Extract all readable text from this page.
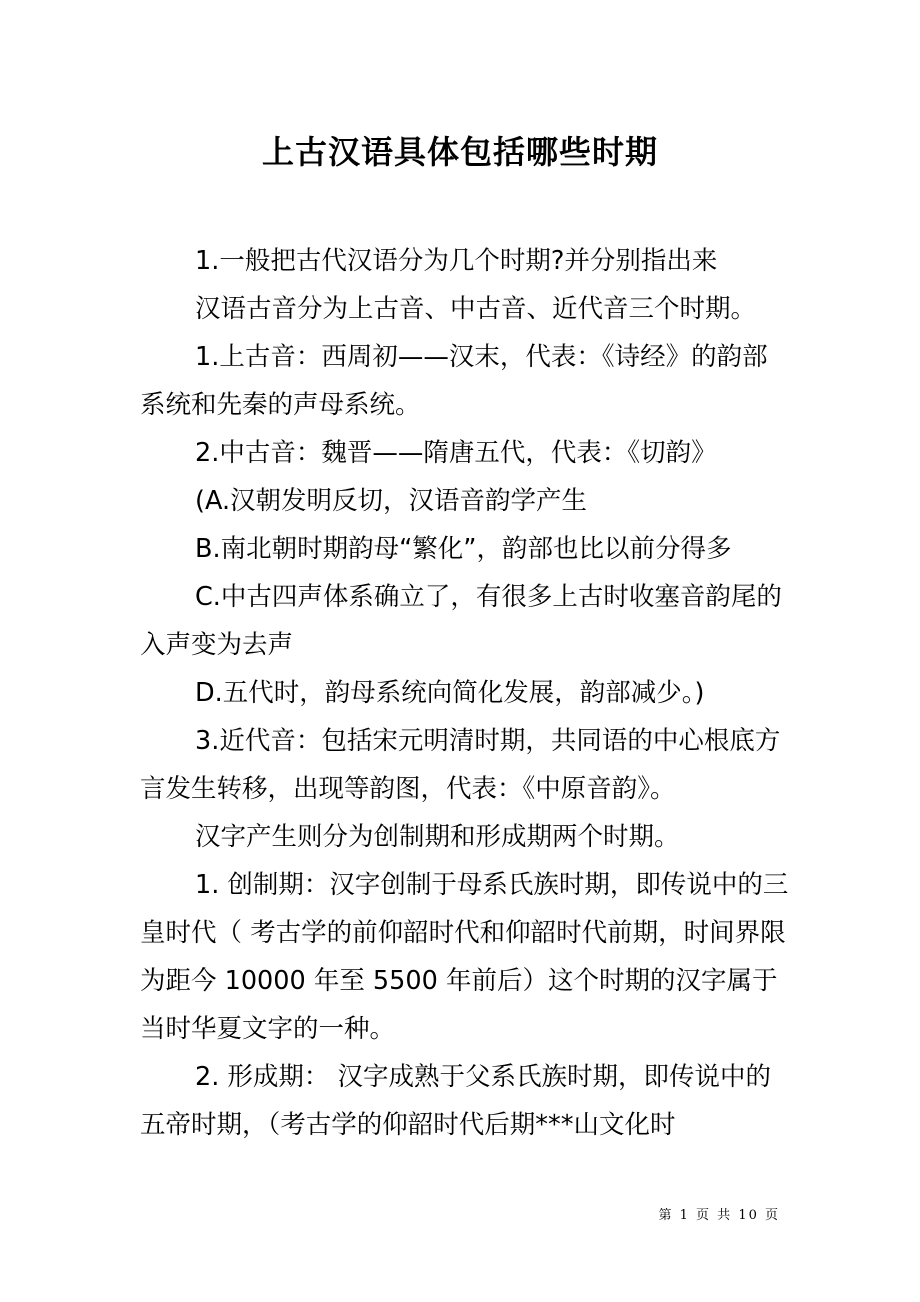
上古汉语具体包括哪些时期

1.一般把古代汉语分为几个时期?并分别指出来

汉语古音分为上古音、中古音、近代音三个时期。

1.上古音：西周初——汉末，代表：《诗经》的韵部系统和先秦的声母系统。

2.中古音：魏晋——隋唐五代，代表：《切韵》

(A.汉朝发明反切，汉语音韵学产生

B.南北朝时期韵母“繁化”，韵部也比以前分得多

C.中古四声体系确立了，有很多上古时收塞音韵尾的入声变为去声

D.五代时，韵母系统向简化发展，韵部减少。)

3.近代音：包括宋元明清时期，共同语的中心根底方言发生转移，出现等韵图，代表：《中原音韵》。

汉字产生则分为创制期和形成期两个时期。

1. 创制期：汉字创制于母系氏族时期，即传说中的三皇时代（ 考古学的前仰韶时代和仰韶时代前期，时间界限为距今 10000 年至 5500 年前后）这个时期的汉字属于当时华夏文字的一种。

2. 形成期： 汉字成熟于父系氏族时期，即传说中的五帝时期，（考古学的仰韶时代后期***山文化时

第 1 页 共 10 页
